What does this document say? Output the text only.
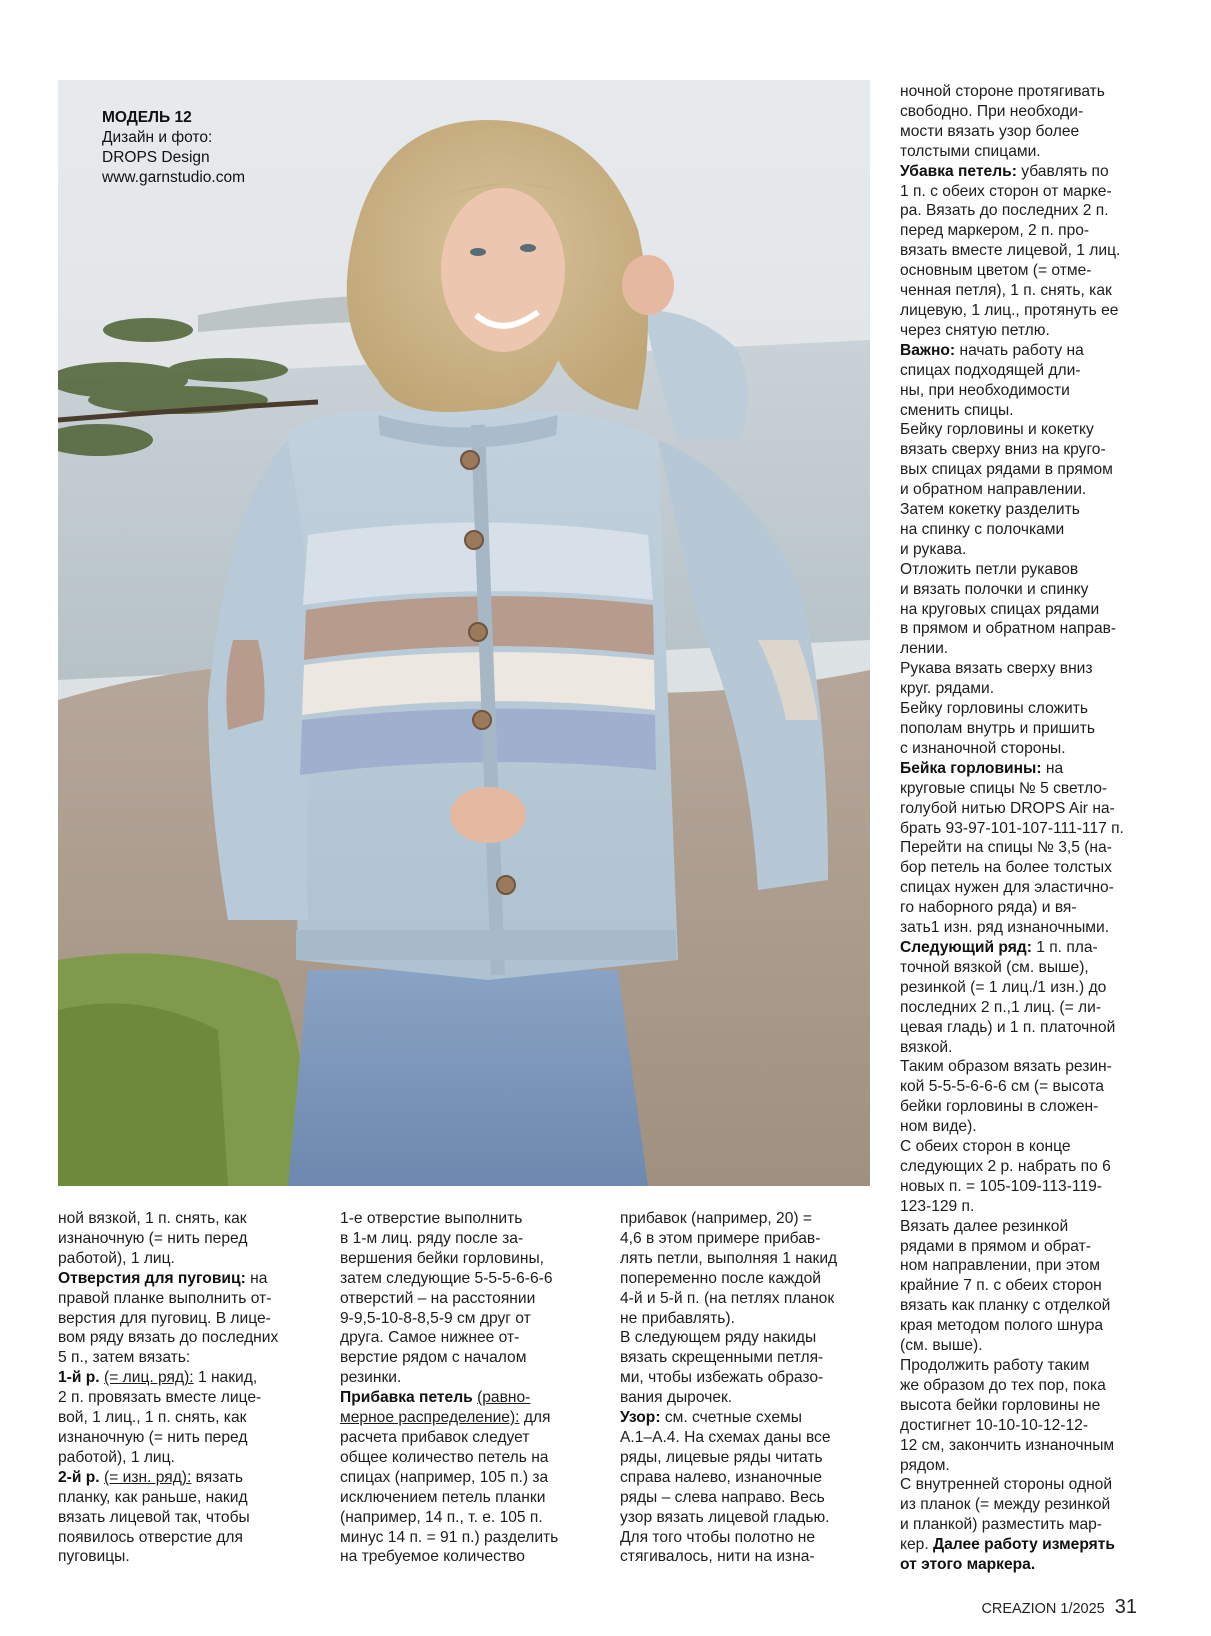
МОДЕЛЬ 12
Дизайн и фото:
DROPS Design
www.garnstudio.com

ной вязкой, 1 п. снять, как

изнаночную (= нить перед

работой), 1 лиц.

Отверстия для пуговиц: на

правой планке выполнить от-

верстия для пуговиц. В лице-

вом ряду вязать до последних

5 п., затем вязать:

1-й р. (= лиц. ряд): 1 накид,

2 п. провязать вместе лице-

вой, 1 лиц., 1 п. снять, как

изнаночную (= нить перед

работой), 1 лиц.

2-й р. (= изн. ряд): вязать

планку, как раньше, накид

вязать лицевой так, чтобы

появилось отверстие для

пуговицы.

1-е отверстие выполнить

в 1-м лиц. ряду после за-

вершения бейки горловины,

затем следующие 5-5-5-6-6-6

отверстий – на расстоянии

9-9,5-10-8-8,5-9 см друг от

друга. Самое нижнее от-

верстие рядом с началом

резинки.

Прибавка петель (равно-

мерное распределение): для

расчета прибавок следует

общее количество петель на

спицах (например, 105 п.) за

исключением петель планки

(например, 14 п., т. е. 105 п.

минус 14 п. = 91 п.) разделить

на требуемое количество

прибавок (например, 20) =

4,6 в этом примере прибав-

лять петли, выполняя 1 накид

попеременно после каждой

4-й и 5-й п. (на петлях планок

не прибавлять).

В следующем ряду накиды

вязать скрещенными петля-

ми, чтобы избежать образо-

вания дырочек.

Узор: см. счетные схемы

А.1–А.4. На схемах даны все

ряды, лицевые ряды читать

справа налево, изнаночные

ряды – слева направо. Весь

узор вязать лицевой гладью.

Для того чтобы полотно не

стягивалось, нити на изна-

ночной стороне протягивать

свободно. При необходи-

мости вязать узор более

толстыми спицами.

Убавка петель: убавлять по

1 п. с обеих сторон от марке-

ра. Вязать до последних 2 п.

перед маркером, 2 п. про-

вязать вместе лицевой, 1 лиц.

основным цветом (= отме-

ченная петля), 1 п. снять, как

лицевую, 1 лиц., протянуть ее

через снятую петлю.

Важно: начать работу на

спицах подходящей дли-

ны, при необходимости

сменить спицы.

Бейку горловины и кокетку

вязать сверху вниз на круго-

вых спицах рядами в прямом

и обратном направлении.

Затем кокетку разделить

на спинку с полочками

и рукава.

Отложить петли рукавов

и вязать полочки и спинку

на круговых спицах рядами

в прямом и обратном направ-

лении.

Рукава вязать сверху вниз

круг. рядами.

Бейку горловины сложить

пополам внутрь и пришить

с изнаночной стороны.

Бейка горловины: на

круговые спицы № 5 светло-

голубой нитью DROPS Air на-

брать 93-97-101-107-111-117 п.

Перейти на спицы № 3,5 (на-

бор петель на более толстых

спицах нужен для эластично-

го наборного ряда) и вя-

зать1 изн. ряд изнаночными.

Следующий ряд: 1 п. пла-

точной вязкой (см. выше),

резинкой (= 1 лиц./1 изн.) до

последних 2 п.,1 лиц. (= ли-

цевая гладь) и 1 п. платочной

вязкой.

Таким образом вязать резин-

кой 5-5-5-6-6-6 см (= высота

бейки горловины в сложен-

ном виде).

С обеих сторон в конце

следующих 2 р. набрать по 6

новых п. = 105-109-113-119-

123-129 п.

Вязать далее резинкой

рядами в прямом и обрат-

ном направлении, при этом

крайние 7 п. с обеих сторон

вязать как планку с отделкой

края методом полого шнура

(см. выше).

Продолжить работу таким

же образом до тех пор, пока

высота бейки горловины не

достигнет 10-10-10-12-12-

12 см, закончить изнаночным

рядом.

С внутренней стороны одной

из планок (= между резинкой

и планкой) разместить мар-

кер. Далее работу измерять

от этого маркера.

CREAZION 1/2025 31
